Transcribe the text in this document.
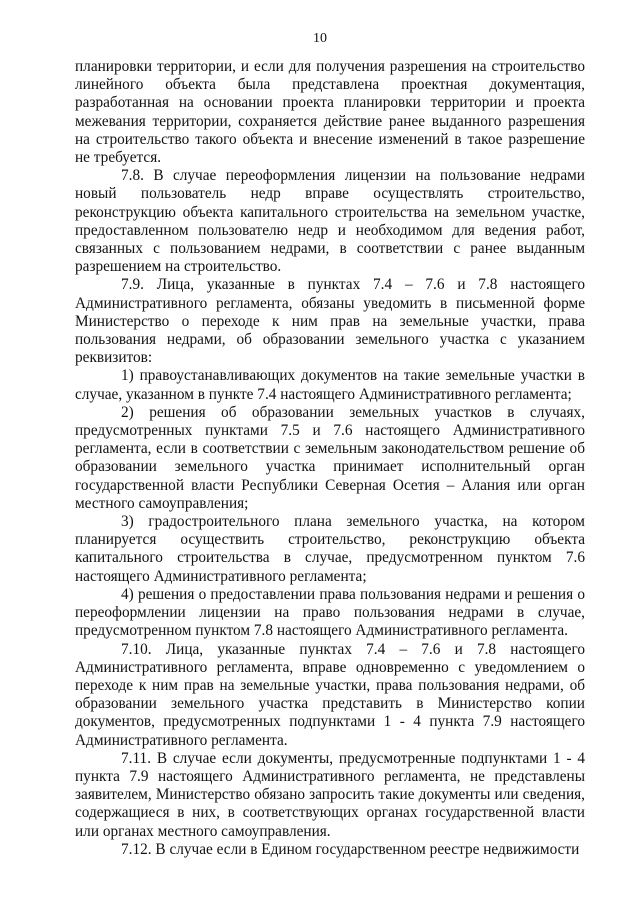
10

планировки территории, и если для получения разрешения на строительство линейного объекта была представлена проектная документация, разработанная на основании проекта планировки территории и проекта межевания территории, сохраняется действие ранее выданного разрешения на строительство такого объекта и внесение изменений в такое разрешение не требуется.

7.8. В случае переоформления лицензии на пользование недрами новый пользователь недр вправе осуществлять строительство, реконструкцию объекта капитального строительства на земельном участке, предоставленном пользователю недр и необходимом для ведения работ, связанных с пользованием недрами, в соответствии с ранее выданным разрешением на строительство.

7.9. Лица, указанные в пунктах 7.4 – 7.6 и 7.8 настоящего Административного регламента, обязаны уведомить в письменной форме Министерство о переходе к ним прав на земельные участки, права пользования недрами, об образовании земельного участка с указанием реквизитов:

1) правоустанавливающих документов на такие земельные участки в случае, указанном в пункте 7.4 настоящего Административного регламента;

2) решения об образовании земельных участков в случаях, предусмотренных пунктами 7.5 и 7.6 настоящего Административного регламента, если в соответствии с земельным законодательством решение об образовании земельного участка принимает исполнительный орган государственной власти Республики Северная Осетия – Алания или орган местного самоуправления;

3) градостроительного плана земельного участка, на котором планируется осуществить строительство, реконструкцию объекта капитального строительства в случае, предусмотренном пунктом 7.6 настоящего Административного регламента;

4) решения о предоставлении права пользования недрами и решения о переоформлении лицензии на право пользования недрами в случае, предусмотренном пунктом 7.8 настоящего Административного регламента.

7.10. Лица, указанные пунктах 7.4 – 7.6 и 7.8 настоящего Административного регламента, вправе одновременно с уведомлением о переходе к ним прав на земельные участки, права пользования недрами, об образовании земельного участка представить в Министерство копии документов, предусмотренных подпунктами 1 - 4 пункта 7.9 настоящего Административного регламента.

7.11. В случае если документы, предусмотренные подпунктами 1 - 4 пункта 7.9 настоящего Административного регламента, не представлены заявителем, Министерство обязано запросить такие документы или сведения, содержащиеся в них, в соответствующих органах государственной власти или органах местного самоуправления.

7.12. В случае если в Едином государственном реестре недвижимости
